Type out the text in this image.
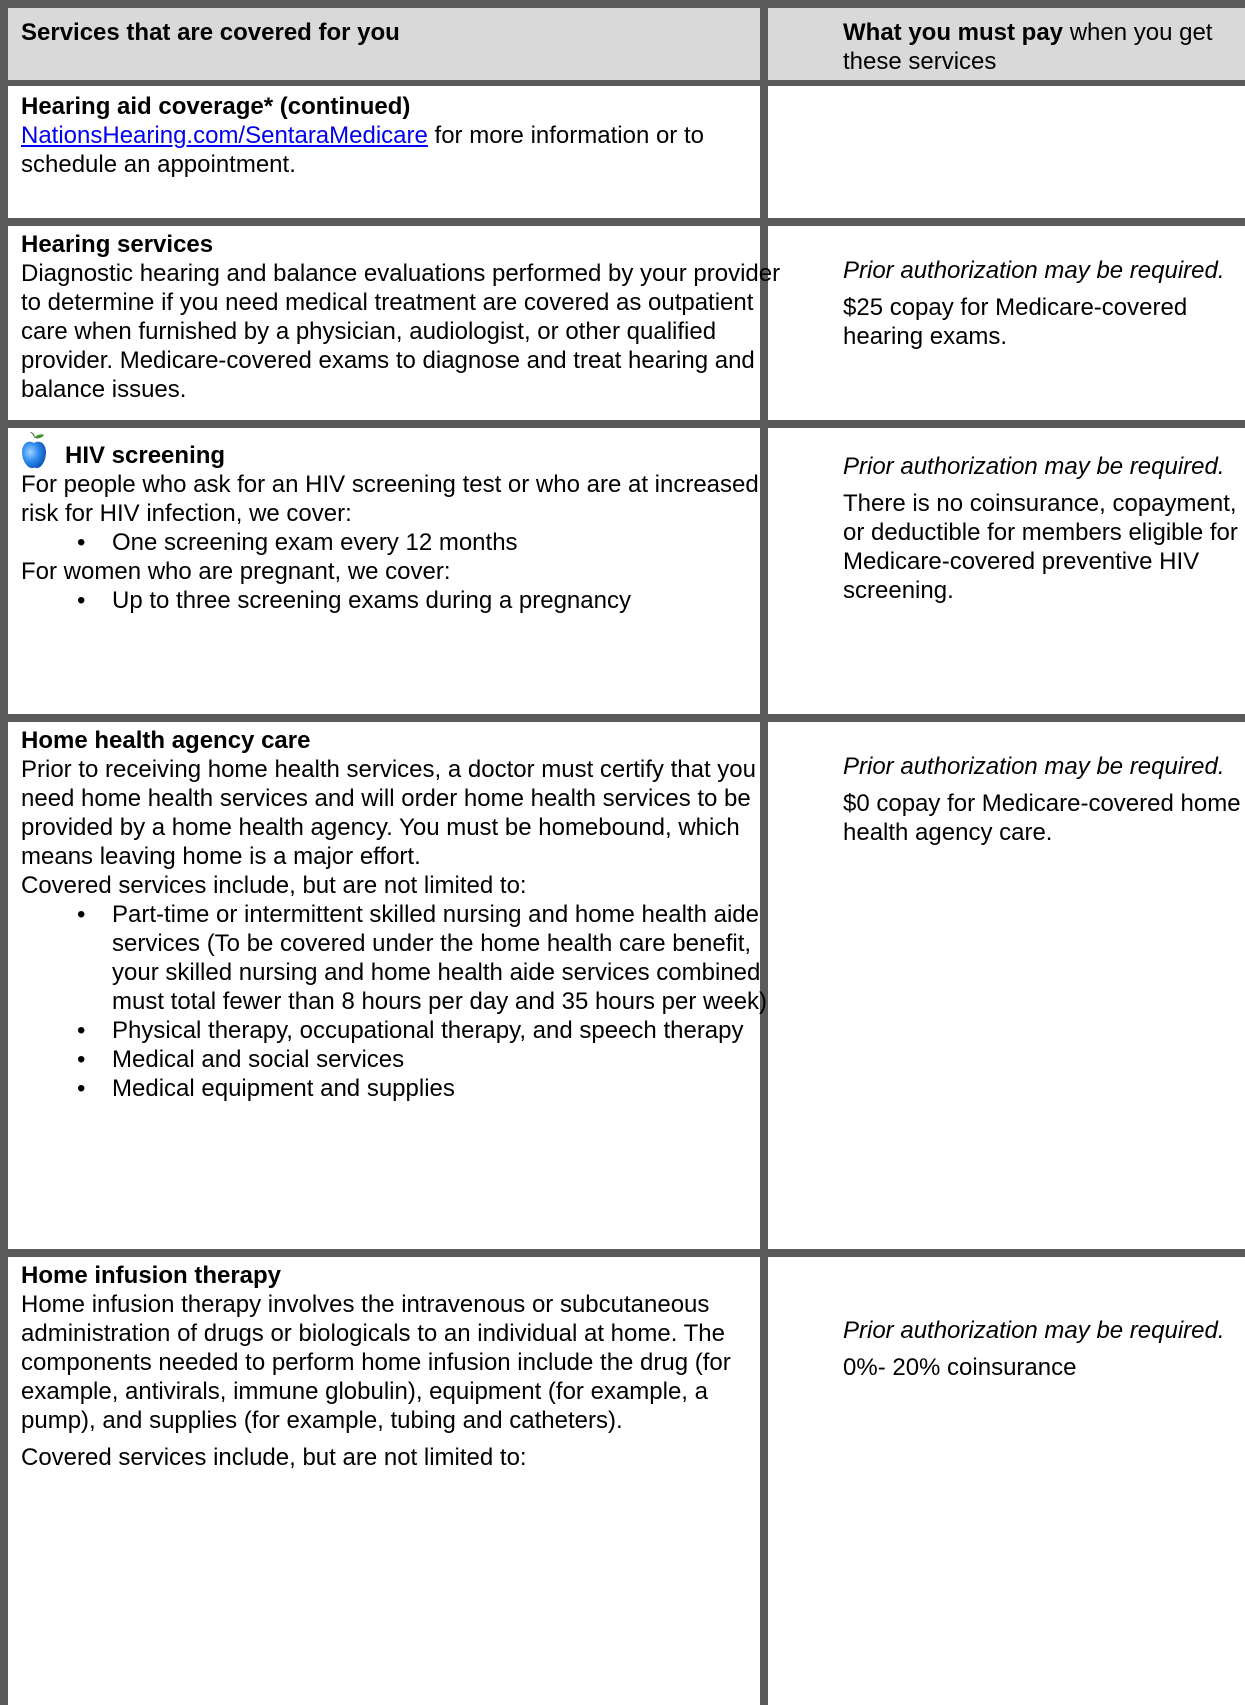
Services that are covered for you	What you must pay when you get these services

Hearing aid coverage* (continued)

NationsHearing.com/SentaraMedicare for more information or to schedule an appointment.

Hearing services

Diagnostic hearing and balance evaluations performed by your provider to determine if you need medical treatment are covered as outpatient care when furnished by a physician, audiologist, or other qualified provider. Medicare-covered exams to diagnose and treat hearing and balance issues.

Prior authorization may be required.

$25 copay for Medicare-covered hearing exams.

HIV screening

For people who ask for an HIV screening test or who are at increased risk for HIV infection, we cover:

• One screening exam every 12 months

For women who are pregnant, we cover:

• Up to three screening exams during a pregnancy

Prior authorization may be required.

There is no coinsurance, copayment, or deductible for members eligible for Medicare-covered preventive HIV screening.

Home health agency care

Prior to receiving home health services, a doctor must certify that you need home health services and will order home health services to be provided by a home health agency. You must be homebound, which means leaving home is a major effort.

Covered services include, but are not limited to:

• Part-time or intermittent skilled nursing and home health aide services (To be covered under the home health care benefit, your skilled nursing and home health aide services combined must total fewer than 8 hours per day and 35 hours per week)
• Physical therapy, occupational therapy, and speech therapy
• Medical and social services
• Medical equipment and supplies

Prior authorization may be required.

$0 copay for Medicare-covered home health agency care.

Home infusion therapy

Home infusion therapy involves the intravenous or subcutaneous administration of drugs or biologicals to an individual at home. The components needed to perform home infusion include the drug (for example, antivirals, immune globulin), equipment (for example, a pump), and supplies (for example, tubing and catheters).

Covered services include, but are not limited to:

Prior authorization may be required.

0%- 20% coinsurance
